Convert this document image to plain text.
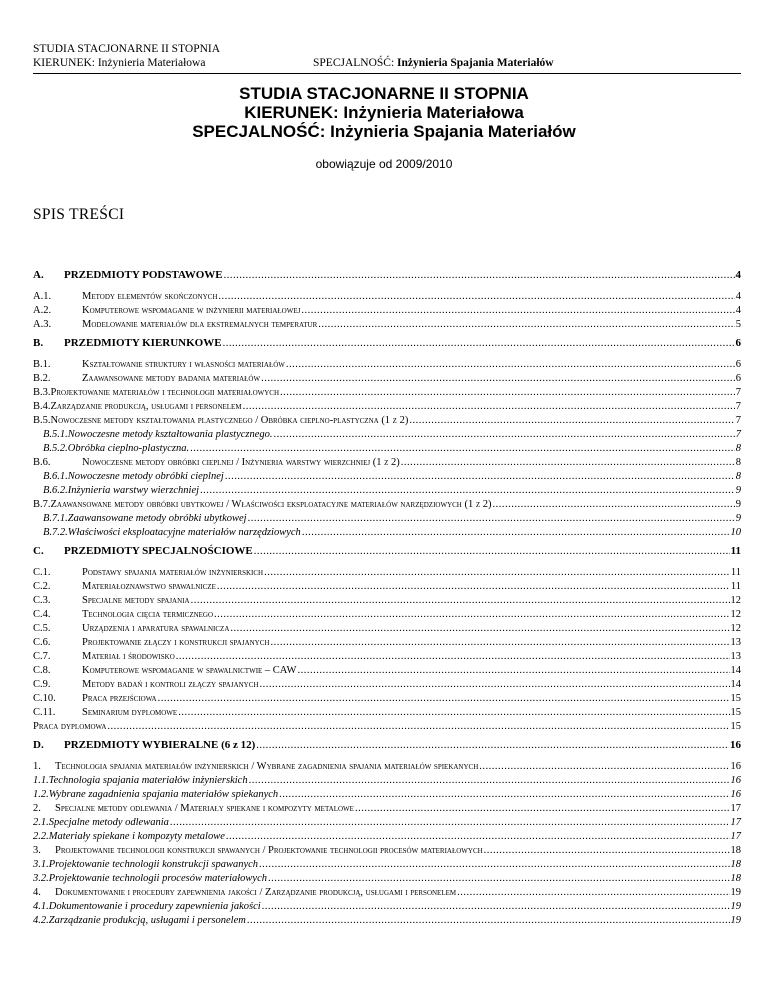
STUDIA STACJONARNE II STOPNIA
KIERUNEK: Inżynieria Materiałowa	SPECJALNOŚĆ: Inżynieria Spajania Materiałów
STUDIA STACJONARNE II STOPNIA
KIERUNEK: Inżynieria Materiałowa
SPECJALNOŚĆ: Inżynieria Spajania Materiałów
obowiązuje od 2009/2010
SPIS TREŚCI
A.	PRZEDMIOTY PODSTAWOWE .....	4
A.1.	Metody elementów skończonych .....	4
A.2.	Komputerowe wspomaganie w inżynierii materiałowej .....	4
A.3.	Modelowanie materiałów dla ekstremalnych temperatur .....	5
B.	PRZEDMIOTY KIERUNKOWE .....	6
B.1.	Kształtowanie struktury i własności materiałów .....	6
B.2.	Zaawansowane metody badania materiałów .....	6
B.3. Projektowanie materiałów i technologii materiałowych .....	7
B.4. Zarządzanie produkcją, usługami i personelem .....	7
B.5. Nowoczesne metody kształtowania plastycznego / Obróbka cieplno-plastyczna (1 z 2) .....	7
B.5.1. Nowoczesne metody kształtowania plastycznego. .....	7
B.5.2. Obróbka cieplno-plastyczna. .....	8
B.6.	Nowoczesne metody obróbki cieplnej / Inżynieria warstwy wierzchniej (1 z 2) .....	8
B.6.1. Nowoczesne metody obróbki cieplnej .....	8
B.6.2. Inżynieria warstwy wierzchniej .....	9
B.7. Zaawansowane metody obróbki ubytkowej / Właściwości eksploatacyjne materiałów narzędziowych (1 z 2) .....	9
B.7.1. Zaawansowane metody obróbki ubytkowej .....	9
B.7.2. Właściwości eksploatacyjne materiałów narzędziowych .....	10
C.	PRZEDMIOTY SPECJALNOŚCIOWE .....	11
C.1.	Podstawy spajania materiałów inżynierskich .....	11
C.2.	Materiałoznawstwo spawalnicze .....	11
C.3.	Specjalne metody spajania .....	12
C.4.	Technologia cięcia termicznego .....	12
C.5.	Urządzenia i aparatura spawalnicza .....	12
C.6.	Projektowanie złączy i konstrukcji spajanych .....	13
C.7.	Materiał i środowisko .....	13
C.8.	Komputerowe wspomaganie w spawalnictwie – CAW .....	14
C.9.	Metody badań i kontroli złączy spajanych .....	14
C.10.	Praca przejściowa .....	15
C.11.	Seminarium dyplomowe .....	15
Praca dyplomowa .....	15
D.	PRZEDMIOTY WYBIERALNE (6 z 12) .....	16
1.	Technologia spajania materiałów inżynierskich / Wybrane zagadnienia spajania materiałów spiekanych .....	16
1.1. Technologia spajania materiałów inżynierskich .....	16
1.2. Wybrane zagadnienia spajania materiałów spiekanych .....	16
2.	Specjalne metody odlewania / Materiały spiekane i kompozyty metalowe .....	17
2.1. Specjalne metody odlewania .....	17
2.2. Materiały spiekane i kompozyty metalowe .....	17
3.	Projektowanie technologii konstrukcji spawanych / Projektowanie technologii procesów materiałowych .....	18
3.1. Projektowanie technologii konstrukcji spawanych .....	18
3.2. Projektowanie technologii procesów materiałowych .....	18
4.	Dokumentowanie i procedury zapewnienia jakości / Zarządzanie produkcją, usługami i personelem .....	19
4.1. Dokumentowanie i procedury zapewnienia jakości .....	19
4.2. Zarządzanie produkcją, usługami i personelem .....	19
